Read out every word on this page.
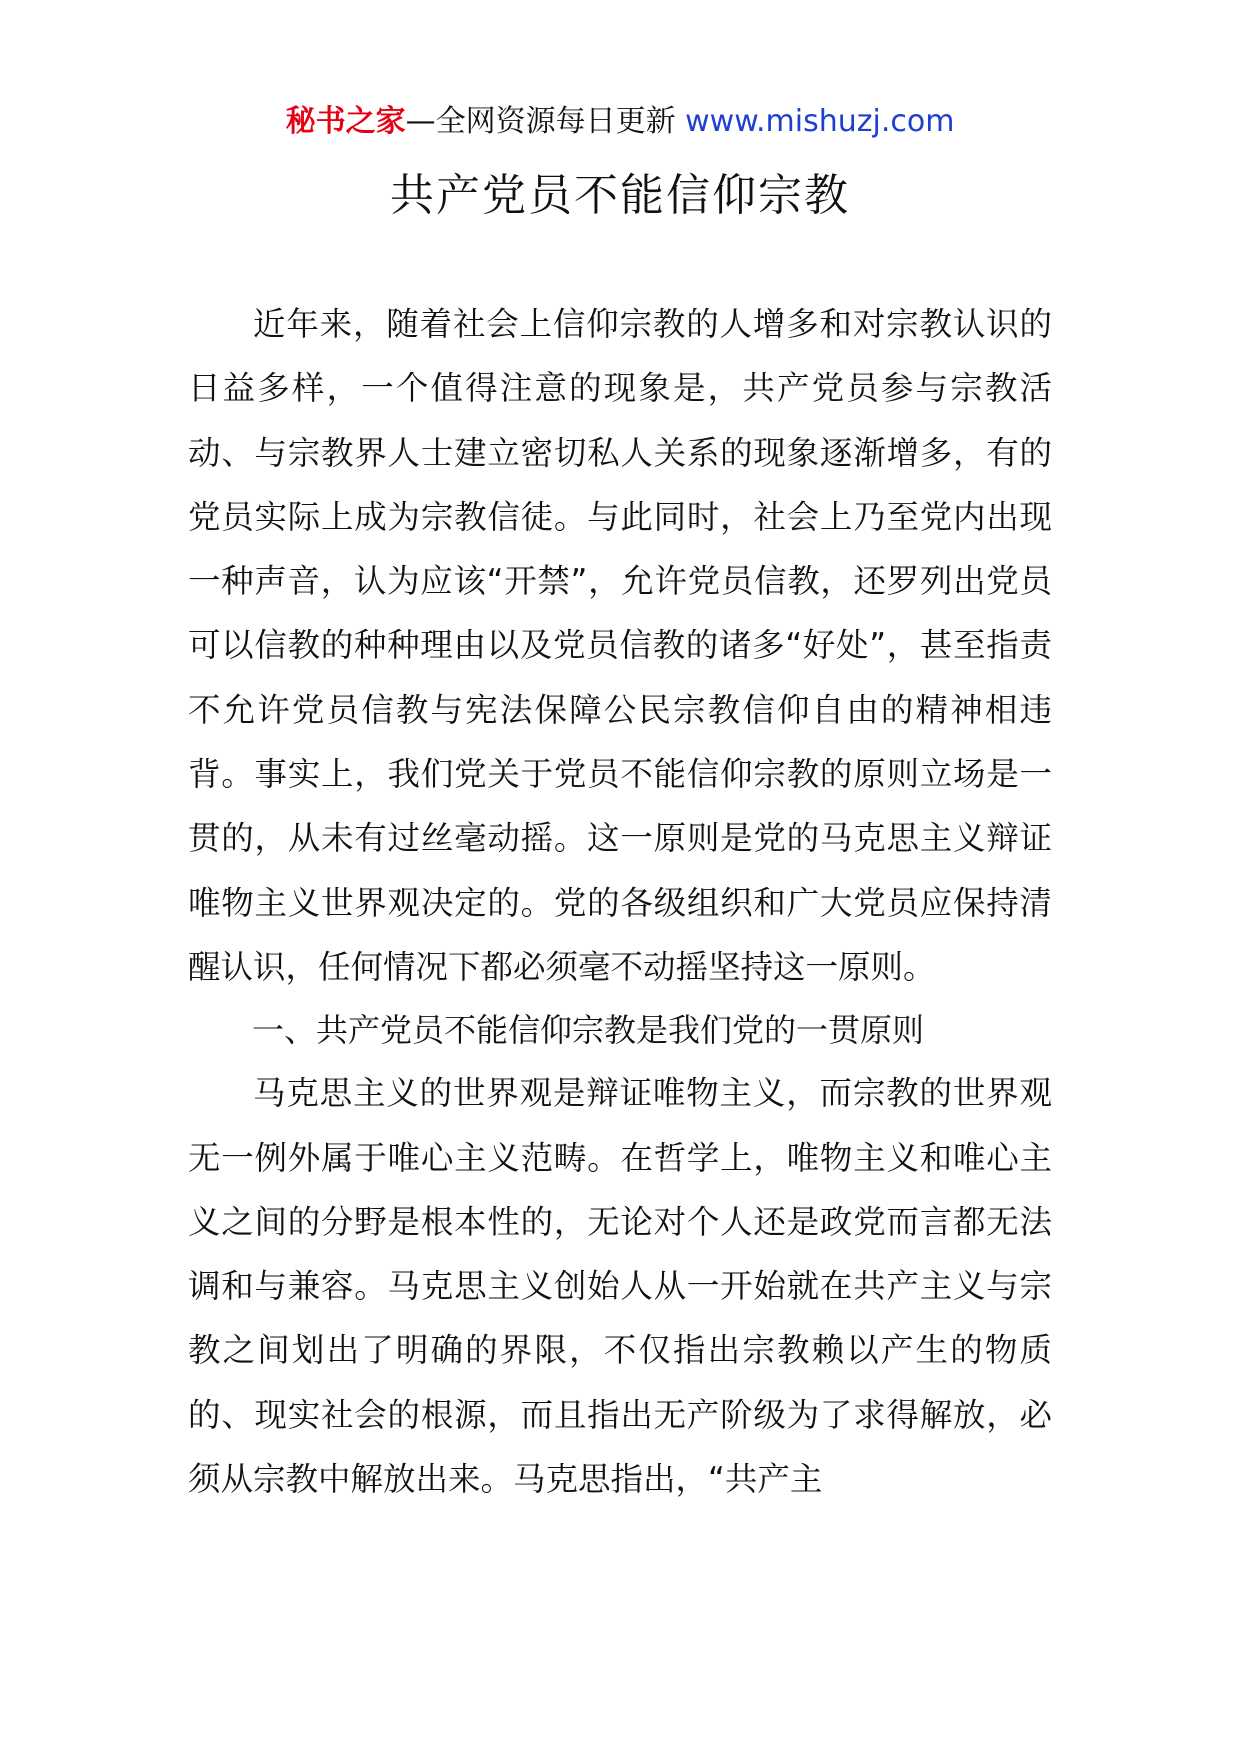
秘书之家—全网资源每日更新 www.mishuzj.com
共产党员不能信仰宗教

近年来，随着社会上信仰宗教的人增多和对宗教认识的日益多样，一个值得注意的现象是，共产党员参与宗教活动、与宗教界人士建立密切私人关系的现象逐渐增多，有的党员实际上成为宗教信徒。与此同时，社会上乃至党内出现一种声音，认为应该“开禁”，允许党员信教，还罗列出党员可以信教的种种理由以及党员信教的诸多“好处”，甚至指责不允许党员信教与宪法保障公民宗教信仰自由的精神相违背。事实上，我们党关于党员不能信仰宗教的原则立场是一贯的，从未有过丝毫动摇。这一原则是党的马克思主义辩证唯物主义世界观决定的。党的各级组织和广大党员应保持清醒认识，任何情况下都必须毫不动摇坚持这一原则。

一、共产党员不能信仰宗教是我们党的一贯原则

马克思主义的世界观是辩证唯物主义，而宗教的世界观无一例外属于唯心主义范畴。在哲学上，唯物主义和唯心主义之间的分野是根本性的，无论对个人还是政党而言都无法调和与兼容。马克思主义创始人从一开始就在共产主义与宗教之间划出了明确的界限，不仅指出宗教赖以产生的物质的、现实社会的根源，而且指出无产阶级为了求得解放，必须从宗教中解放出来。马克思指出，“共产主
